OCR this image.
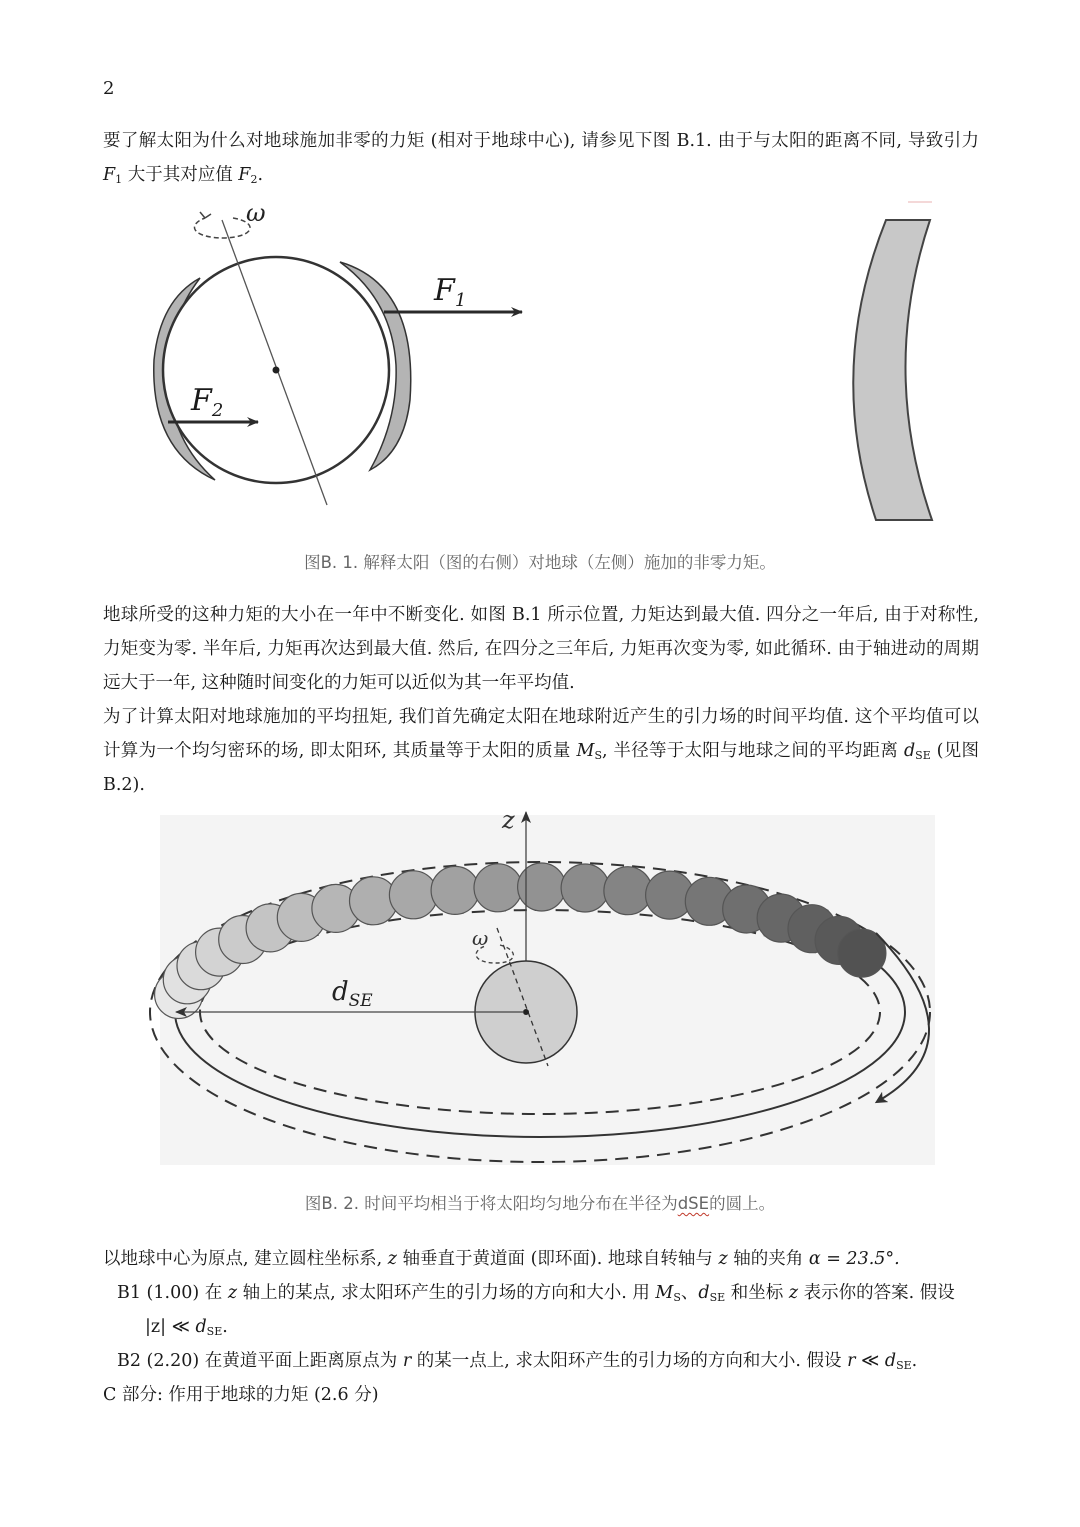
2

要了解太阳为什么对地球施加非零的力矩 (相对于地球中心), 请参见下图 B.1. 由于与太阳的距离不同, 导致引力 $F_1$ 大于其对应值 $F_2$.

ω
$F_1$
$F_2$
图B. 1. 解释太阳（图的右侧）对地球（左侧）施加的非零力矩。

地球所受的这种力矩的大小在一年中不断变化. 如图 B.1 所示位置, 力矩达到最大值. 四分之一年后, 由于对称性, 力矩变为零. 半年后, 力矩再次达到最大值. 然后, 在四分之三年后, 力矩再次变为零, 如此循环. 由于轴进动的周期远大于一年, 这种随时间变化的力矩可以近似为其一年平均值.

为了计算太阳对地球施加的平均扭矩, 我们首先确定太阳在地球附近产生的引力场的时间平均值. 这个平均值可以计算为一个均匀密环的场, 即太阳环, 其质量等于太阳的质量 $M_S$, 半径等于太阳与地球之间的平均距离 $d_{SE}$ (见图 B.2).

z
ω
$d_{SE}$
图B. 2. 时间平均相当于将太阳均匀地分布在半径为dSE的圆上。

以地球中心为原点, 建立圆柱坐标系, z 轴垂直于黄道面 (即环面). 地球自转轴与 z 轴的夹角 α = 23.5°.

B1 (1.00) 在 z 轴上的某点, 求太阳环产生的引力场的方向和大小. 用 $M_S$、$d_{SE}$ 和坐标 z 表示你的答案. 假设
|z| ≪ $d_{SE}$.

B2 (2.20) 在黄道平面上距离原点为 r 的某一点上, 求太阳环产生的引力场的方向和大小. 假设 r ≪ $d_{SE}$.

C 部分: 作用于地球的力矩 (2.6 分)
